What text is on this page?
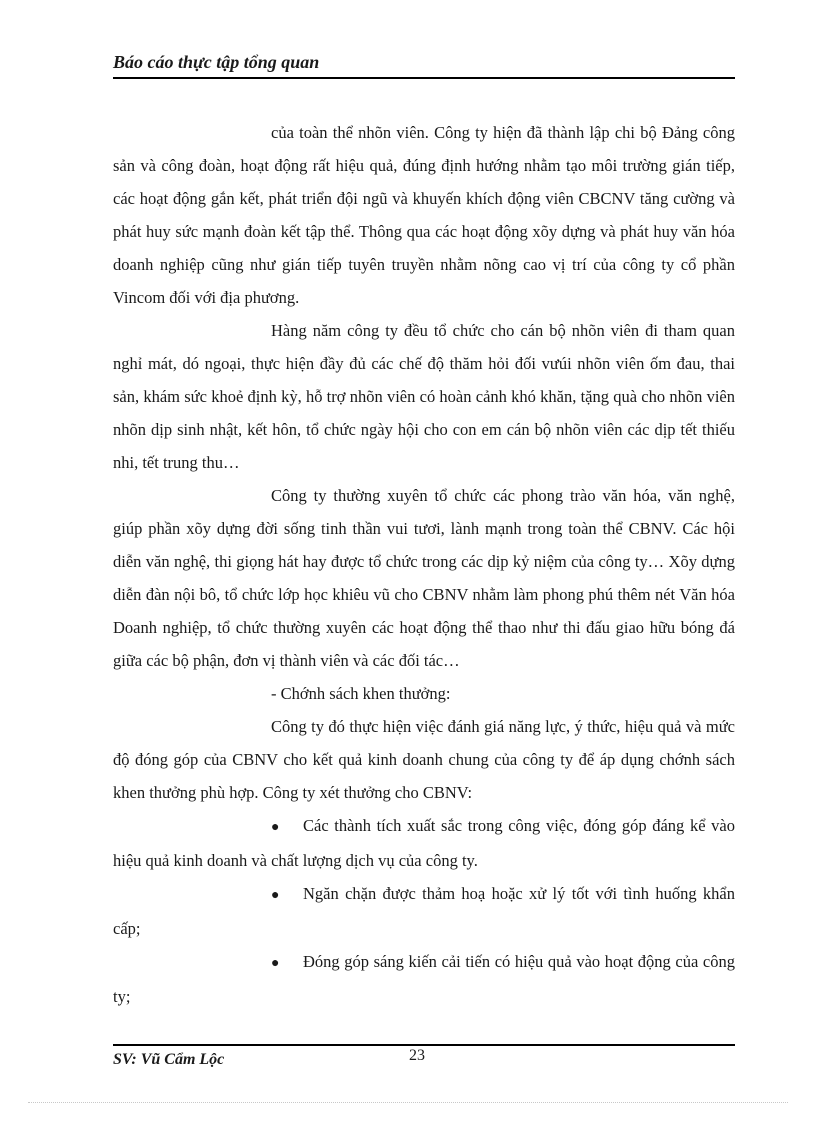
Báo cáo thực tập tổng quan

của toàn thể nhõn viên. Công ty hiện đã thành lập chi bộ Đảng công sản và công đoàn, hoạt động rất hiệu quả, đúng định hướng nhằm tạo môi trường gián tiếp, các hoạt động gắn kết, phát triển đội ngũ và khuyến khích động viên CBCNV tăng cường và phát huy sức mạnh đoàn kết tập thể. Thông qua các hoạt động xõy dựng và phát huy văn hóa doanh nghiệp cũng như gián tiếp tuyên truyền nhằm nõng cao vị trí của công ty cổ phần Vincom đối với địa phương.

Hàng năm công ty đều tổ chức cho cán bộ nhõn viên đi tham quan nghỉ mát, dó ngoại, thực hiện đầy đủ các chế độ thăm hỏi đối vưúi nhõn viên ốm đau, thai sản, khám sức khoẻ định kỳ, hỗ trợ nhõn viên có hoàn cảnh khó khăn, tặng quà cho nhõn viên nhõn dịp sinh nhật, kết hôn, tổ chức ngày hội cho con em cán bộ nhõn viên các dịp tết thiếu nhi, tết trung thu…

Công ty thường xuyên tổ chức các phong trào văn hóa, văn nghệ, giúp phần xõy dựng đời sống tinh thần vui tươi, lành mạnh trong toàn thể CBNV. Các hội diễn văn nghệ, thi giọng hát hay được tổ chức trong các dịp kỷ niệm của công ty… Xõy dựng diễn đàn nội bô, tổ chức lớp học khiêu vũ cho CBNV nhằm làm phong phú thêm nét Văn hóa Doanh nghiệp, tổ chức thường xuyên các hoạt động thể thao như thi đấu giao hữu bóng đá giữa các bộ phận, đơn vị thành viên và các đối tác…

- Chớnh sách khen thưởng:

Công ty đó thực hiện việc đánh giá năng lực, ý thức, hiệu quả và mức độ đóng góp của CBNV cho kết quả kinh doanh chung của công ty để áp dụng chớnh sách khen thưởng phù hợp. Công ty xét thưởng cho CBNV:

● Các thành tích xuất sắc trong công việc, đóng góp đáng kể vào hiệu quả kinh doanh và chất lượng dịch vụ của công ty.

● Ngăn chặn được thảm hoạ hoặc xử lý tốt với tình huống khẩn cấp;

● Đóng góp sáng kiến cải tiến có hiệu quả vào hoạt động của công ty;

SV: Vũ Cẩm Lộc	23
